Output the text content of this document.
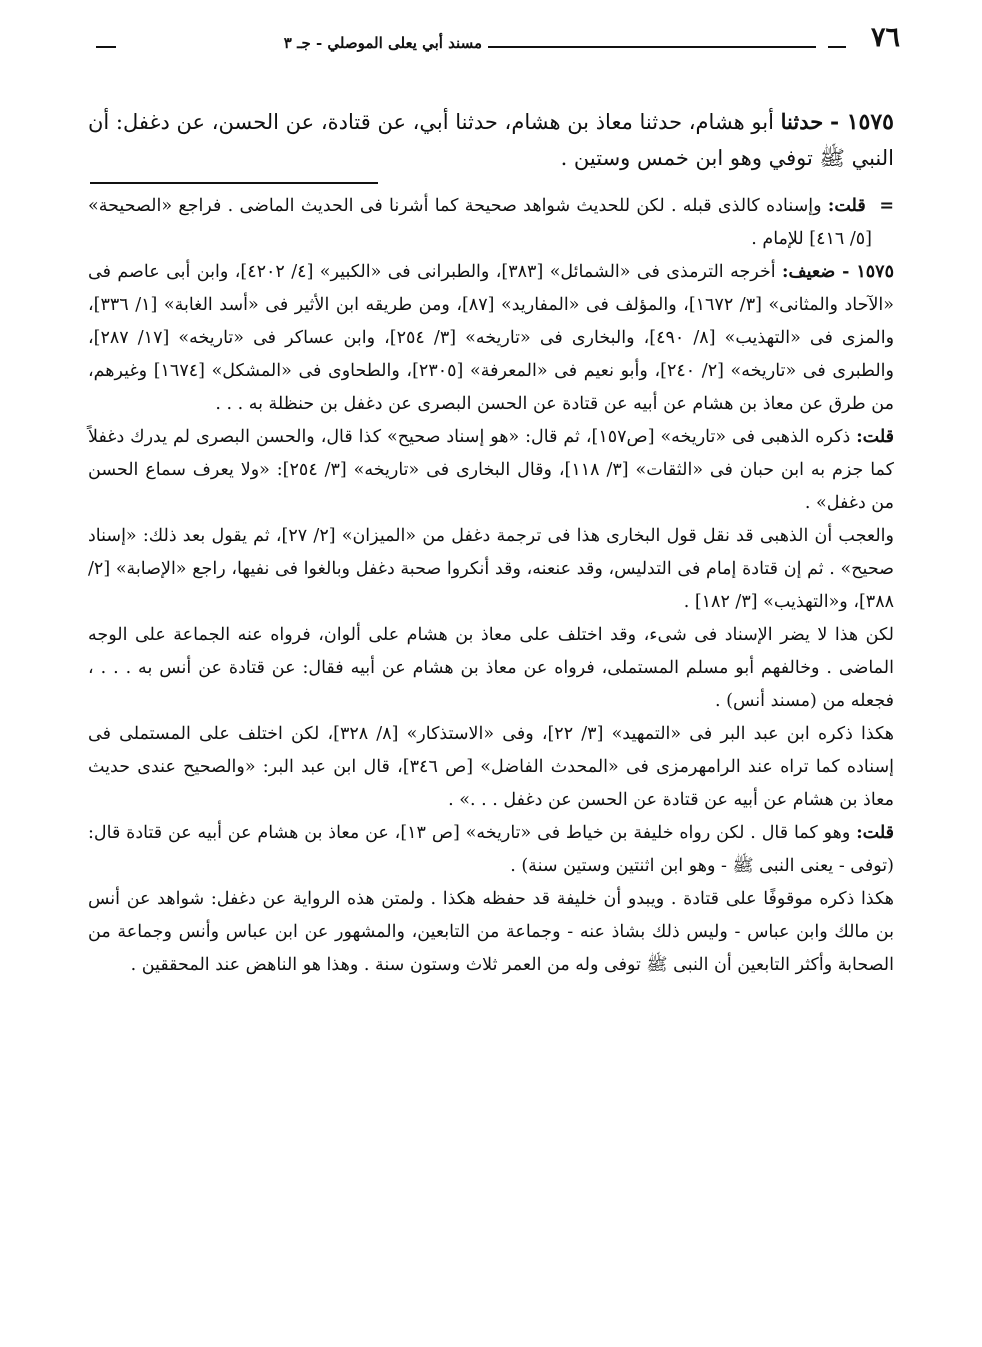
٧٦
مسند أبي يعلى الموصلي - جـ ٣
١٥٧٥ - حدثنا أبو هشام، حدثنا معاذ بن هشام، حدثنا أبي، عن قتادة، عن الحسن، عن دغفل: أن النبي ﷺ توفي وهو ابن خمس وستين .

= قلت: وإسناده كالذى قبله . لكن للحديث شواهد صحيحة كما أشرنا فى الحديث الماضى . فراجع «الصحيحة» [٥/ ٤١٦] للإمام .

١٥٧٥ - ضعيف: أخرجه الترمذى فى «الشمائل» [٣٨٣]، والطبرانى فى «الكبير» [٤/ ٤٢٠٢]، وابن أبى عاصم فى «الآحاد والمثانى» [٣/ ١٦٧٢]، والمؤلف فى «المفاريد» [٨٧]، ومن طريقه ابن الأثير فى «أسد الغابة» [١/ ٣٣٦]، والمزى فى «التهذيب» [٨/ ٤٩٠]، والبخارى فى «تاريخه» [٣/ ٢٥٤]، وابن عساكر فى «تاريخه» [١٧/ ٢٨٧]، والطبرى فى «تاريخه» [٢/ ٢٤٠]، وأبو نعيم فى «المعرفة» [٢٣٠٥]، والطحاوى فى «المشكل» [١٦٧٤] وغيرهم، من طرق عن معاذ بن هشام عن أبيه عن قتادة عن الحسن البصرى عن دغفل بن حنظلة به . . .

قلت: ذكره الذهبى فى «تاريخه» [ص١٥٧]، ثم قال: «هو إسناد صحيح» كذا قال، والحسن البصرى لم يدرك دغفلاً كما جزم به ابن حبان فى «الثقات» [٣/ ١١٨]، وقال البخارى فى «تاريخه» [٣/ ٢٥٤]: «ولا يعرف سماع الحسن من دغفل» .

والعجب أن الذهبى قد نقل قول البخارى هذا فى ترجمة دغفل من «الميزان» [٢/ ٢٧]، ثم يقول بعد ذلك: «إسناد صحيح» . ثم إن قتادة إمام فى التدليس، وقد عنعنه، وقد أنكروا صحبة دغفل وبالغوا فى نفيها، راجع «الإصابة» [٢/ ٣٨٨]، و«التهذيب» [٣/ ١٨٢] .

لكن هذا لا يضر الإسناد فى شىء، وقد اختلف على معاذ بن هشام على ألوان، فرواه عنه الجماعة على الوجه الماضى . وخالفهم أبو مسلم المستملى، فرواه عن معاذ بن هشام عن أبيه فقال: عن قتادة عن أنس به . . . ، فجعله من (مسند أنس) .

هكذا ذكره ابن عبد البر فى «التمهيد» [٣/ ٢٢]، وفى «الاستذكار» [٨/ ٣٢٨]، لكن اختلف على المستملى فى إسناده كما تراه عند الرامهرمزى فى «المحدث الفاضل» [ص ٣٤٦]، قال ابن عبد البر: «والصحيح عندى حديث معاذ بن هشام عن أبيه عن قتادة عن الحسن عن دغفل . . .» .

قلت: وهو كما قال . لكن رواه خليفة بن خياط فى «تاريخه» [ص ١٣]، عن معاذ بن هشام عن أبيه عن قتادة قال: (توفى - يعنى النبى ﷺ - وهو ابن اثنتين وستين سنة) .

هكذا ذكره موقوفًا على قتادة . ويبدو أن خليفة قد حفظه هكذا . ولمتن هذه الرواية عن دغفل: شواهد عن أنس بن مالك وابن عباس - وليس ذلك بشاذ عنه - وجماعة من التابعين، والمشهور عن ابن عباس وأنس وجماعة من الصحابة وأكثر التابعين أن النبى ﷺ توفى وله من العمر ثلاث وستون سنة . وهذا هو الناهض عند المحققين .
